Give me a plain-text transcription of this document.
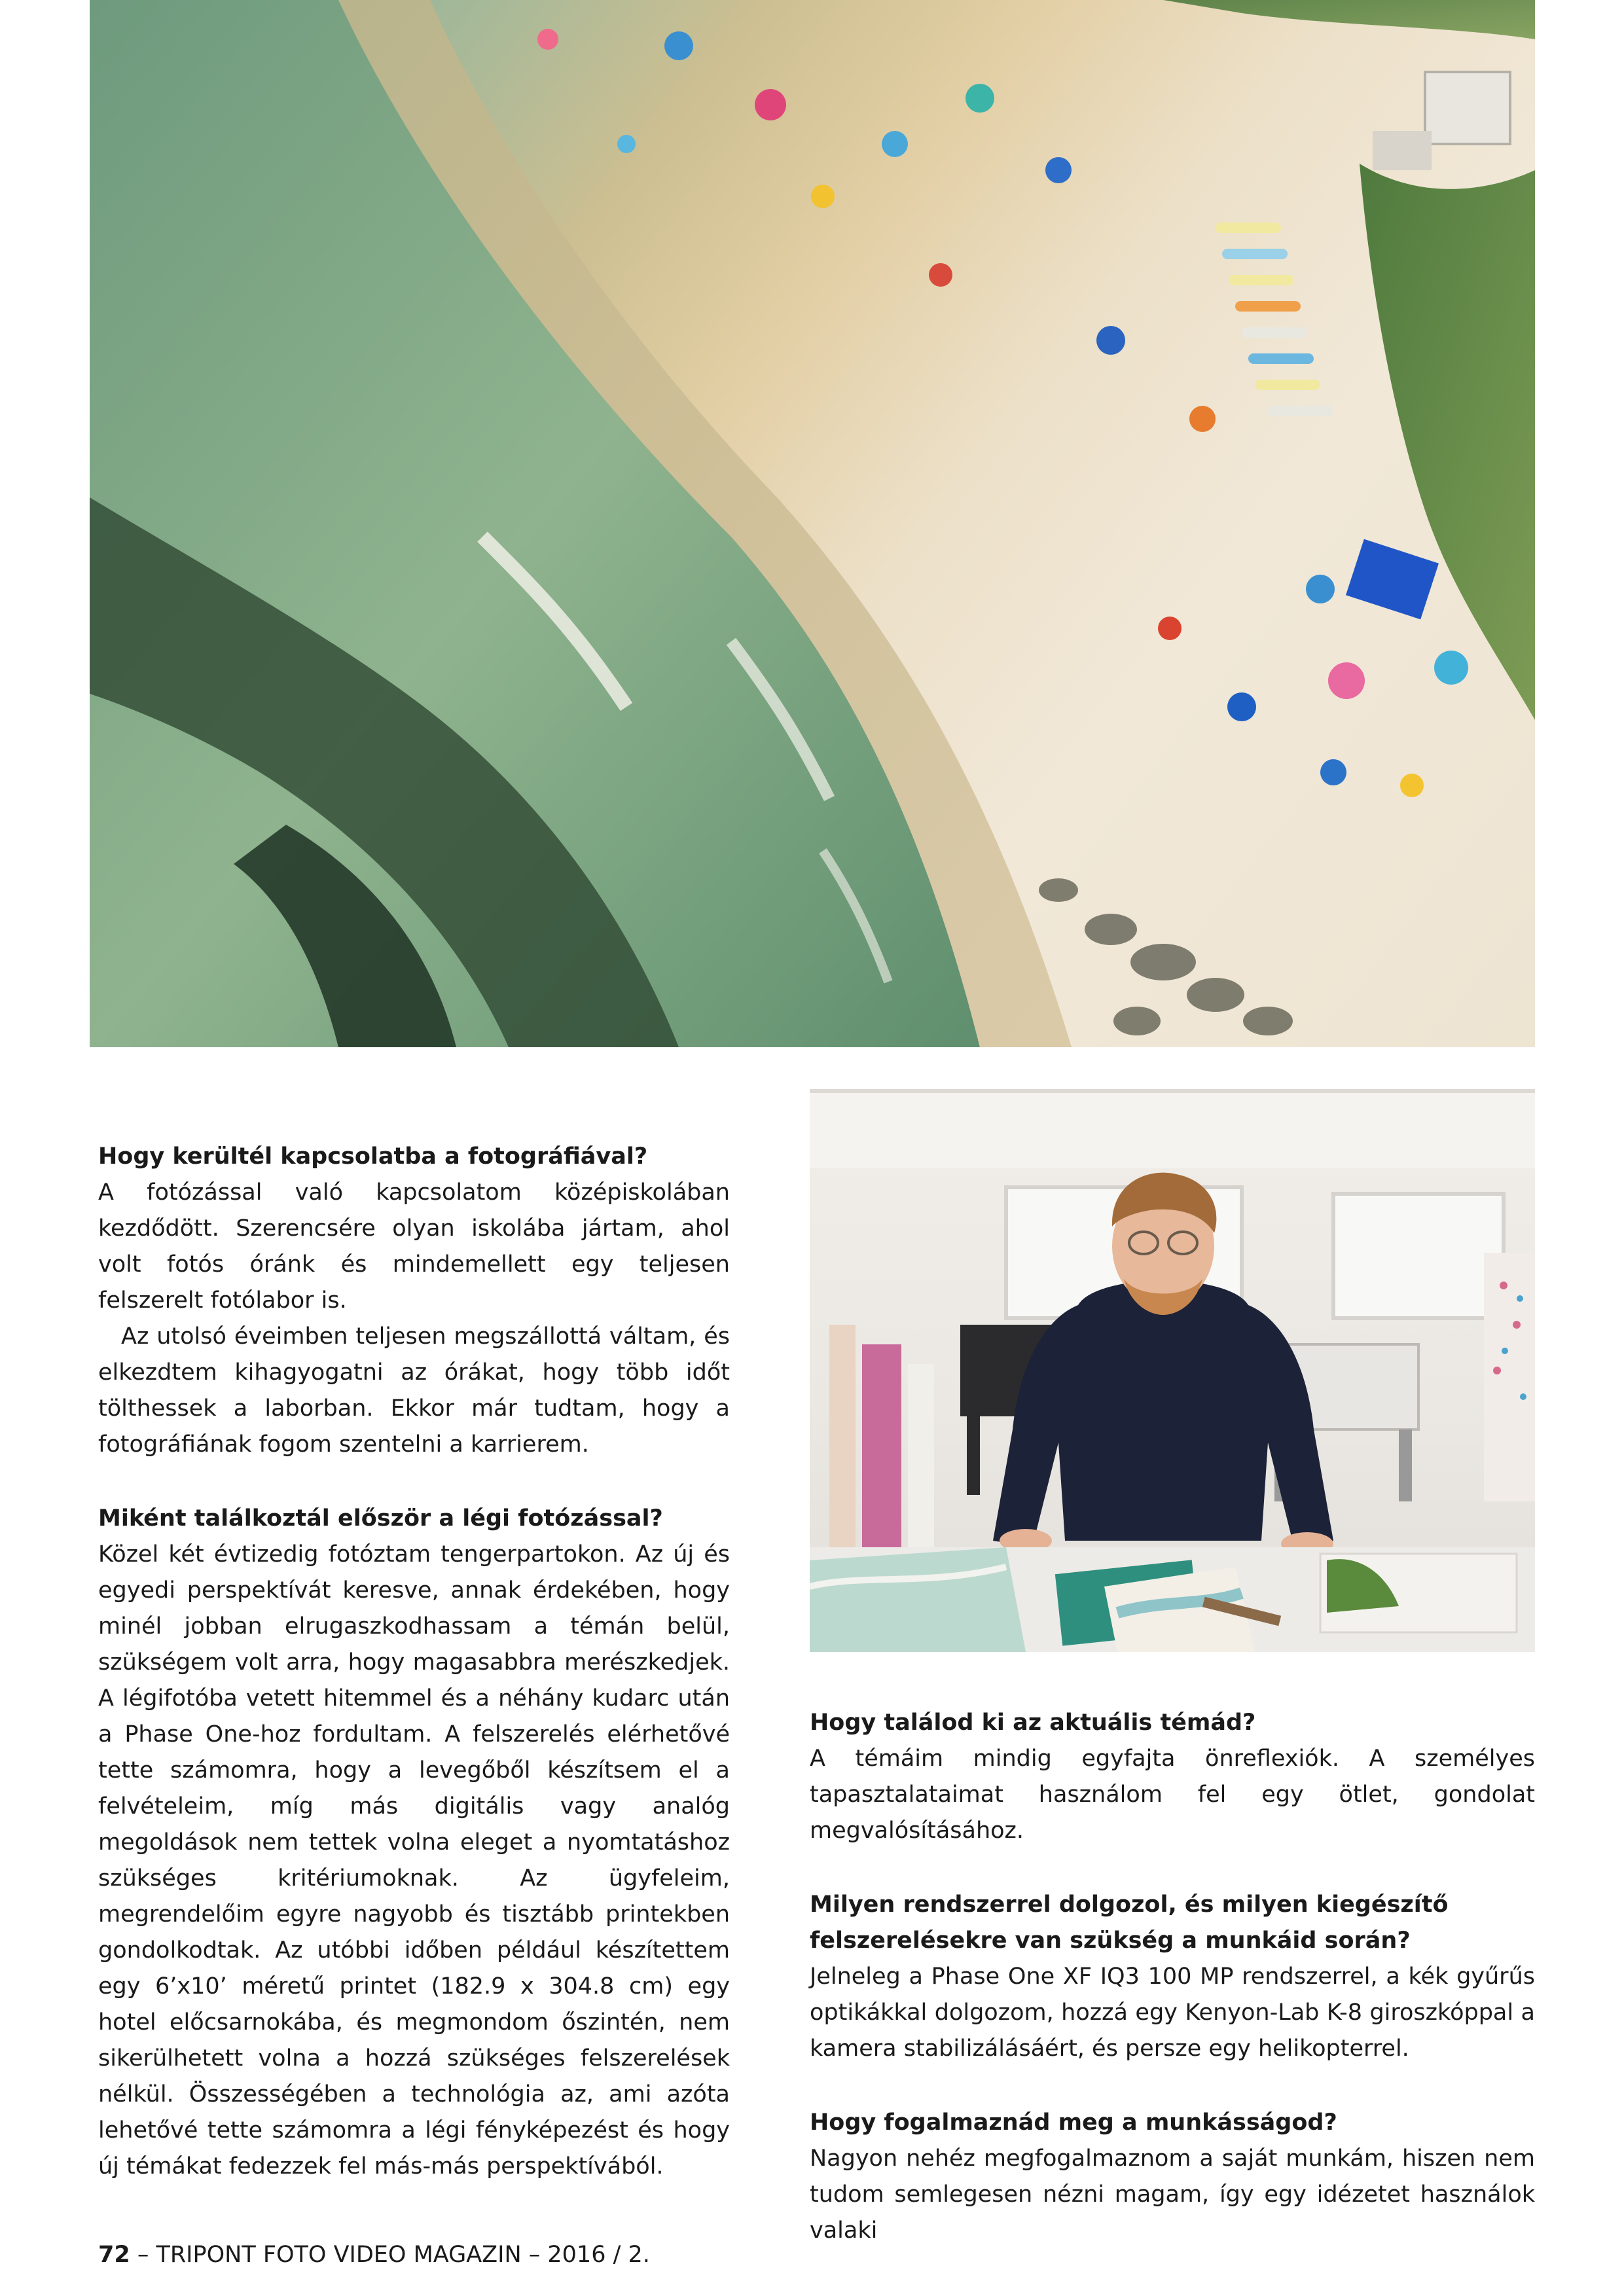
Hogy kerültél kapcsolatba a fotográfiával?

A fotózással való kapcsolatom középiskolában kezdődött. Szerencsére olyan iskolába jártam, ahol volt fotós óránk és mindemellett egy teljesen felszerelt fotólabor is.

Az utolsó éveimben teljesen megszállottá váltam, és elkezdtem kihagyogatni az órákat, hogy több időt tölthessek a laborban. Ekkor már tudtam, hogy a fotográfiának fogom szentelni a karrierem.

Miként találkoztál először a légi fotózással?

Közel két évtizedig fotóztam tengerpartokon. Az új és egyedi perspektívát keresve, annak érdekében, hogy minél jobban elrugaszkodhassam a témán belül, szükségem volt arra, hogy magasabbra merészkedjek. A légifotóba vetett hitemmel és a néhány kudarc után a Phase One-hoz fordultam. A felszerelés elérhetővé tette számomra, hogy a levegőből készítsem el a felvételeim, míg más digitális vagy analóg megoldások nem tettek volna eleget a nyomtatáshoz szükséges kritériumoknak. Az ügyfeleim, megrendelőim egyre nagyobb és tisztább printekben gondolkodtak. Az utóbbi időben például készítettem egy 6’x10’ méretű printet (182.9 x 304.8 cm) egy hotel előcsarnokába, és megmondom őszintén, nem sikerülhetett volna a hozzá szükséges felszerelések nélkül. Összességében a technológia az, ami azóta lehetővé tette számomra a légi fényképezést és hogy új témákat fedezzek fel más-más perspektívából.

Hogy találod ki az aktuális témád?

A témáim mindig egyfajta önreflexiók. A személyes tapasztalataimat használom fel egy ötlet, gondolat megvalósításához.

Milyen rendszerrel dolgozol, és milyen kiegészítő felszerelésekre van szükség a munkáid során?

Jelneleg a Phase One XF IQ3 100 MP rendszerrel, a kék gyűrűs optikákkal dolgozom, hozzá egy Kenyon-Lab K-8 giroszkóppal a kamera stabilizálásáért, és persze egy helikopterrel.

Hogy fogalmaznád meg a munkásságod?

Nagyon nehéz megfogalmaznom a saját munkám, hiszen nem tudom semlegesen nézni magam, így egy idézetet használok valaki

72 – TRIPONT FOTO VIDEO MAGAZIN – 2016 / 2.
